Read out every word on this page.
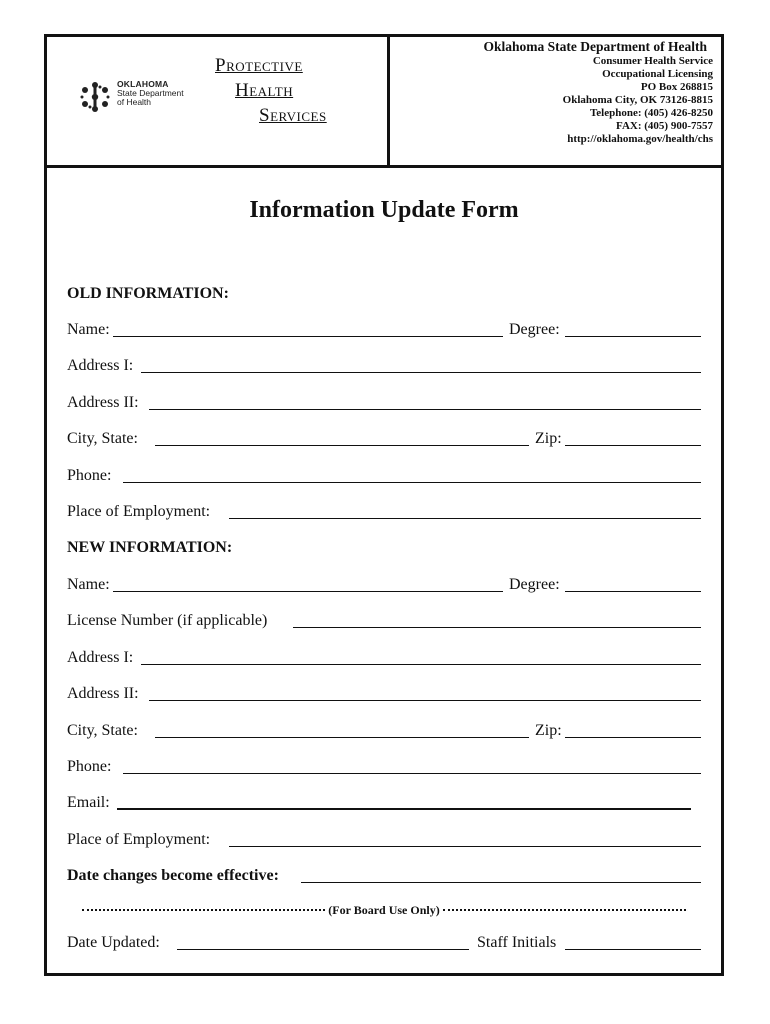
OKLAHOMA
State Department
of Health
Protective
Health
Services
Oklahoma State Department of Health
Consumer Health Service
Occupational Licensing
PO Box 268815
Oklahoma City, OK 73126-8815
Telephone: (405) 426-8250
FAX: (405) 900-7557
http://oklahoma.gov/health/chs
Information Update Form
OLD INFORMATION:
Name:	Degree:
Address I:
Address II:
City, State:	Zip:
Phone:
Place of Employment:
NEW INFORMATION:
Name:	Degree:
License Number (if applicable)
Address I:
Address II:
City, State:	Zip:
Phone:
Email:
Place of Employment:
Date changes become effective:
(For Board Use Only)
Date Updated:	Staff Initials
